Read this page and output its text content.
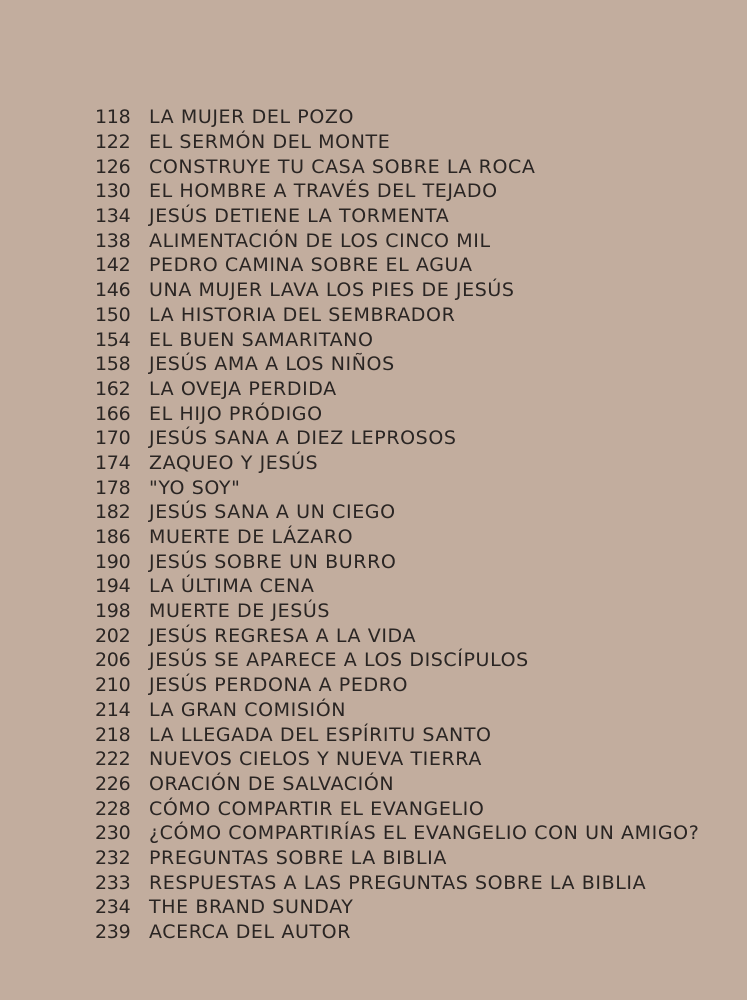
118 LA MUJER DEL POZO
122 EL SERMÓN DEL MONTE
126 CONSTRUYE TU CASA SOBRE LA ROCA
130 EL HOMBRE A TRAVÉS DEL TEJADO
134 JESÚS DETIENE LA TORMENTA
138 ALIMENTACIÓN DE LOS CINCO MIL
142 PEDRO CAMINA SOBRE EL AGUA
146 UNA MUJER LAVA LOS PIES DE JESÚS
150 LA HISTORIA DEL SEMBRADOR
154 EL BUEN SAMARITANO
158 JESÚS AMA A LOS NIÑOS
162 LA OVEJA PERDIDA
166 EL HIJO PRÓDIGO
170 JESÚS SANA A DIEZ LEPROSOS
174 ZAQUEO Y JESÚS
178 "YO SOY"
182 JESÚS SANA A UN CIEGO
186 MUERTE DE LÁZARO
190 JESÚS SOBRE UN BURRO
194 LA ÚLTIMA CENA
198 MUERTE DE JESÚS
202 JESÚS REGRESA A LA VIDA
206 JESÚS SE APARECE A LOS DISCÍPULOS
210 JESÚS PERDONA A PEDRO
214 LA GRAN COMISIÓN
218 LA LLEGADA DEL ESPÍRITU SANTO
222 NUEVOS CIELOS Y NUEVA TIERRA
226 ORACIÓN DE SALVACIÓN
228 CÓMO COMPARTIR EL EVANGELIO
230 ¿CÓMO COMPARTIRÍAS EL EVANGELIO CON UN AMIGO?
232 PREGUNTAS SOBRE LA BIBLIA
233 RESPUESTAS A LAS PREGUNTAS SOBRE LA BIBLIA
234 THE BRAND SUNDAY
239 ACERCA DEL AUTOR
